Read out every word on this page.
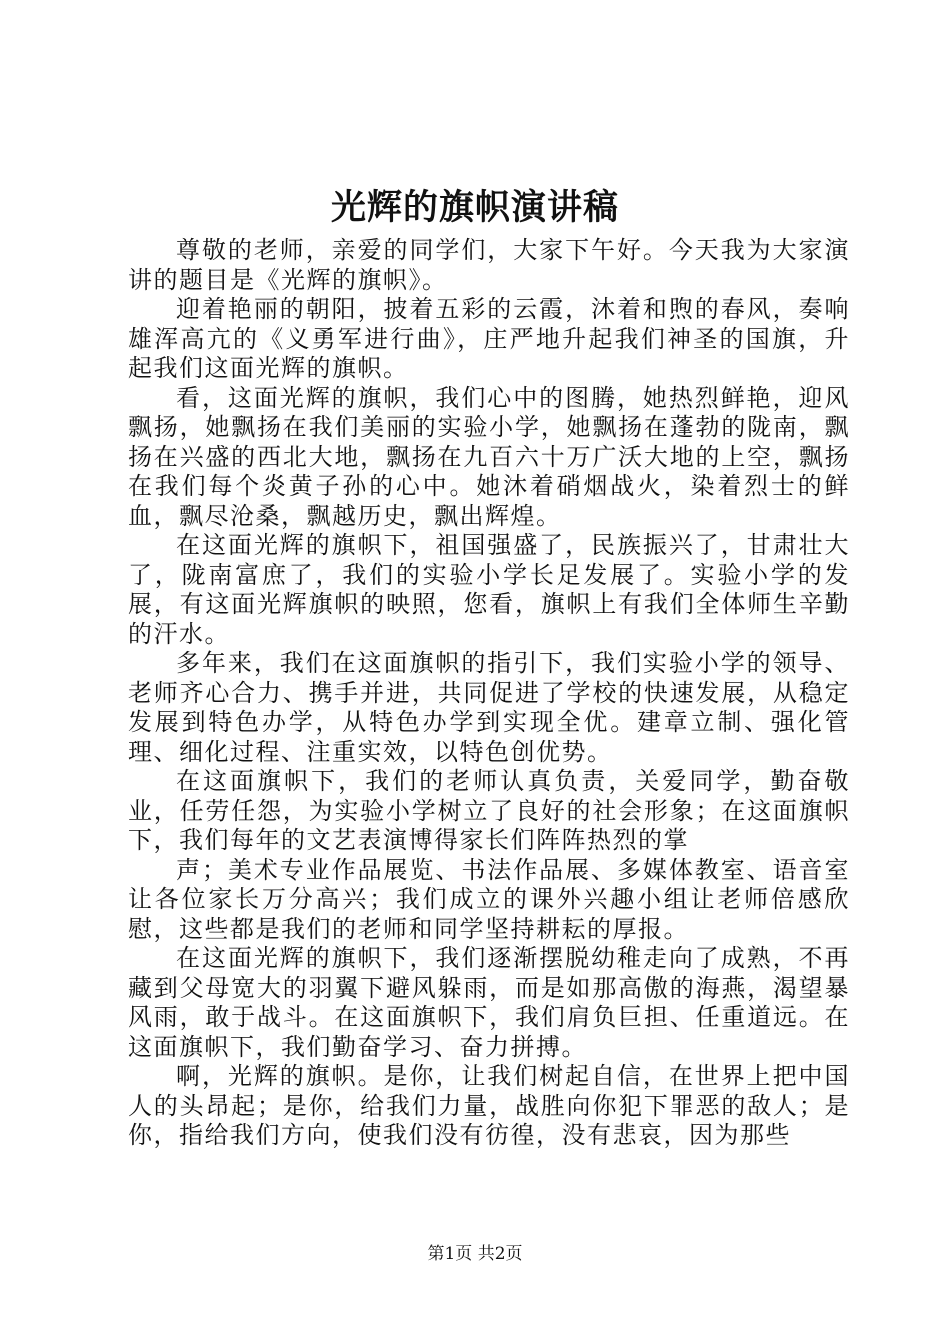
光辉的旗帜演讲稿

尊敬的老师，亲爱的同学们，大家下午好。今天我为大家演讲的题目是《光辉的旗帜》。

迎着艳丽的朝阳，披着五彩的云霞，沐着和煦的春风，奏响雄浑高亢的《义勇军进行曲》，庄严地升起我们神圣的国旗，升起我们这面光辉的旗帜。

看，这面光辉的旗帜，我们心中的图腾，她热烈鲜艳，迎风飘扬，她飘扬在我们美丽的实验小学，她飘扬在蓬勃的陇南，飘扬在兴盛的西北大地，飘扬在九百六十万广沃大地的上空，飘扬在我们每个炎黄子孙的心中。她沐着硝烟战火，染着烈士的鲜血，飘尽沧桑，飘越历史，飘出辉煌。

在这面光辉的旗帜下，祖国强盛了，民族振兴了，甘肃壮大了，陇南富庶了，我们的实验小学长足发展了。实验小学的发展，有这面光辉旗帜的映照，您看，旗帜上有我们全体师生辛勤的汗水。

多年来，我们在这面旗帜的指引下，我们实验小学的领导、老师齐心合力、携手并进，共同促进了学校的快速发展，从稳定发展到特色办学，从特色办学到实现全优。建章立制、强化管理、细化过程、注重实效，以特色创优势。

在这面旗帜下，我们的老师认真负责，关爱同学，勤奋敬业，任劳任怨，为实验小学树立了良好的社会形象；在这面旗帜下，我们每年的文艺表演博得家长们阵阵热烈的掌

声；美术专业作品展览、书法作品展、多媒体教室、语音室让各位家长万分高兴；我们成立的课外兴趣小组让老师倍感欣慰，这些都是我们的老师和同学坚持耕耘的厚报。

在这面光辉的旗帜下，我们逐渐摆脱幼稚走向了成熟，不再藏到父母宽大的羽翼下避风躲雨，而是如那高傲的海燕，渴望暴风雨，敢于战斗。在这面旗帜下，我们肩负巨担、任重道远。在这面旗帜下，我们勤奋学习、奋力拼搏。

啊，光辉的旗帜。是你，让我们树起自信，在世界上把中国人的头昂起；是你，给我们力量，战胜向你犯下罪恶的敌人；是你，指给我们方向，使我们没有彷徨，没有悲哀，因为那些

第1页 共2页
